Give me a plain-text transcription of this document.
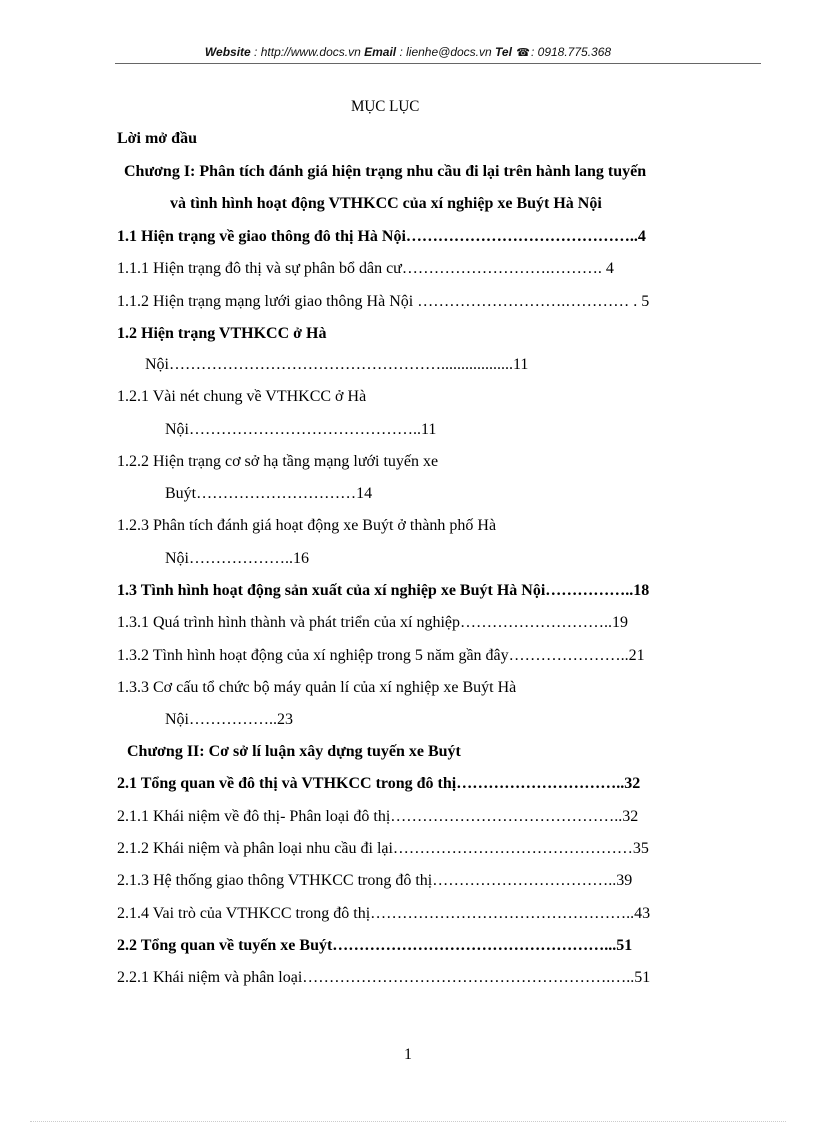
Website : http://www.docs.vn Email : lienhe@docs.vn Tel ☎: 0918.775.368
MỤC LỤC
Lời mở đầu
Chương I: Phân tích đánh giá hiện trạng nhu cầu đi lại trên hành lang tuyến
và tình hình hoạt động VTHKCC của xí nghiệp xe Buýt Hà Nội
1.1 Hiện trạng về giao thông đô thị Hà Nội……………………………………..4
1.1.1 Hiện trạng đô thị và sự phân bổ dân cư……………………….………. 4
1.1.2 Hiện trạng mạng lưới giao thông Hà Nội ……………………….………… . 5
1.2 Hiện trạng VTHKCC ở Hà
Nội……………………………………………..................11
1.2.1 Vài nét chung về VTHKCC ở Hà
Nội……………………………………..11
1.2.2 Hiện trạng cơ sở hạ tầng mạng lưới tuyến xe
Buýt…………………………14
1.2.3 Phân tích đánh giá hoạt động xe Buýt ở thành phố Hà
Nội………………..16
1.3 Tình hình hoạt động sản xuất của xí nghiệp xe Buýt Hà Nội……………..18
1.3.1 Quá trình hình thành và phát triển của xí nghiệp………………………..19
1.3.2 Tình hình hoạt động của xí nghiệp trong 5 năm gần đây…………………..21
1.3.3 Cơ cấu tổ chức bộ máy quản lí của xí nghiệp xe Buýt Hà
Nội……………..23
Chương II: Cơ sở lí luận xây dựng tuyến xe Buýt
2.1 Tổng quan về đô thị và VTHKCC trong đô thị…………………………..32
2.1.1 Khái niệm về đô thị- Phân loại đô thị……………………………………..32
2.1.2 Khái niệm và phân loại nhu cầu đi lại………………………………………35
2.1.3 Hệ thống giao thông VTHKCC trong đô thị……………………………..39
2.1.4 Vai trò của VTHKCC trong đô thị…………………………………………..43
2.2 Tổng quan về tuyến xe Buýt……………………………………………...51
2.2.1 Khái niệm và phân loại………………………………………………….…..51
1
